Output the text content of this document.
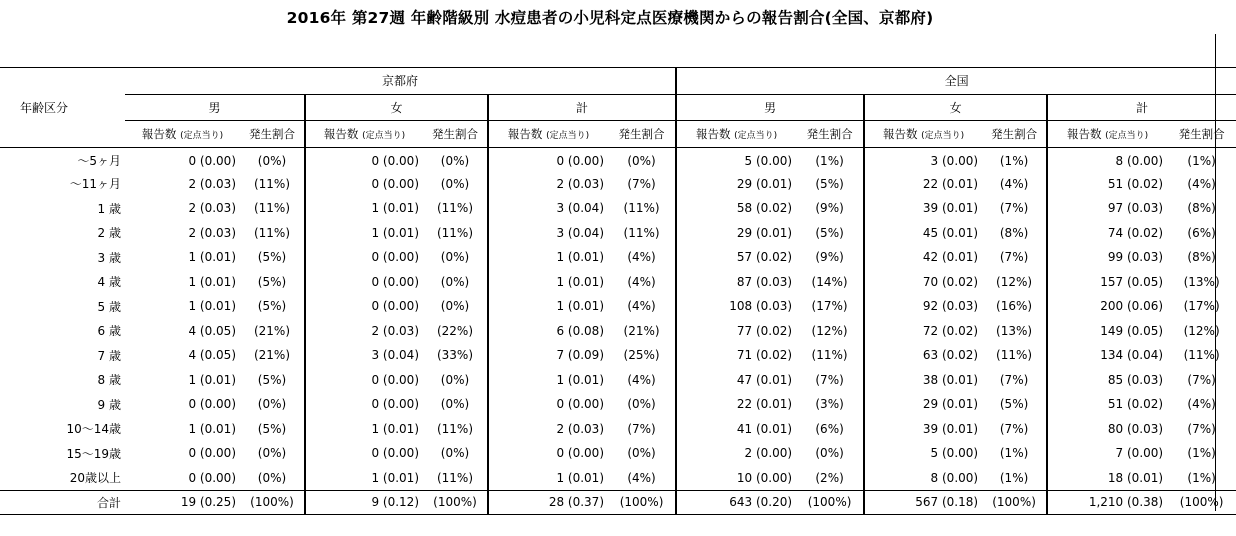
2016年 第27週 年齢階級別 水痘患者の小児科定点医療機関からの報告割合(全国、京都府)
年齢区分	京都府						全国					
	男		女		計		男		女		計	
	報告数 (定点当り)	発生割合	報告数 (定点当り)	発生割合	報告数 (定点当り)	発生割合	報告数 (定点当り)	発生割合	報告数 (定点当り)	発生割合	報告数 (定点当り)	発生割合
～5ヶ月	0 (0.00)	(0%)	0 (0.00)	(0%)	0 (0.00)	(0%)	5 (0.00)	(1%)	3 (0.00)	(1%)	8 (0.00)	(1%)
～11ヶ月	2 (0.03)	(11%)	0 (0.00)	(0%)	2 (0.03)	(7%)	29 (0.01)	(5%)	22 (0.01)	(4%)	51 (0.02)	(4%)
1 歳	2 (0.03)	(11%)	1 (0.01)	(11%)	3 (0.04)	(11%)	58 (0.02)	(9%)	39 (0.01)	(7%)	97 (0.03)	(8%)
2 歳	2 (0.03)	(11%)	1 (0.01)	(11%)	3 (0.04)	(11%)	29 (0.01)	(5%)	45 (0.01)	(8%)	74 (0.02)	(6%)
3 歳	1 (0.01)	(5%)	0 (0.00)	(0%)	1 (0.01)	(4%)	57 (0.02)	(9%)	42 (0.01)	(7%)	99 (0.03)	(8%)
4 歳	1 (0.01)	(5%)	0 (0.00)	(0%)	1 (0.01)	(4%)	87 (0.03)	(14%)	70 (0.02)	(12%)	157 (0.05)	(13%)
5 歳	1 (0.01)	(5%)	0 (0.00)	(0%)	1 (0.01)	(4%)	108 (0.03)	(17%)	92 (0.03)	(16%)	200 (0.06)	(17%)
6 歳	4 (0.05)	(21%)	2 (0.03)	(22%)	6 (0.08)	(21%)	77 (0.02)	(12%)	72 (0.02)	(13%)	149 (0.05)	(12%)
7 歳	4 (0.05)	(21%)	3 (0.04)	(33%)	7 (0.09)	(25%)	71 (0.02)	(11%)	63 (0.02)	(11%)	134 (0.04)	(11%)
8 歳	1 (0.01)	(5%)	0 (0.00)	(0%)	1 (0.01)	(4%)	47 (0.01)	(7%)	38 (0.01)	(7%)	85 (0.03)	(7%)
9 歳	0 (0.00)	(0%)	0 (0.00)	(0%)	0 (0.00)	(0%)	22 (0.01)	(3%)	29 (0.01)	(5%)	51 (0.02)	(4%)
10～14歳	1 (0.01)	(5%)	1 (0.01)	(11%)	2 (0.03)	(7%)	41 (0.01)	(6%)	39 (0.01)	(7%)	80 (0.03)	(7%)
15～19歳	0 (0.00)	(0%)	0 (0.00)	(0%)	0 (0.00)	(0%)	2 (0.00)	(0%)	5 (0.00)	(1%)	7 (0.00)	(1%)
20歳以上	0 (0.00)	(0%)	1 (0.01)	(11%)	1 (0.01)	(4%)	10 (0.00)	(2%)	8 (0.00)	(1%)	18 (0.01)	(1%)
合計	19 (0.25)	(100%)	9 (0.12)	(100%)	28 (0.37)	(100%)	643 (0.20)	(100%)	567 (0.18)	(100%)	1,210 (0.38)	(100%)
